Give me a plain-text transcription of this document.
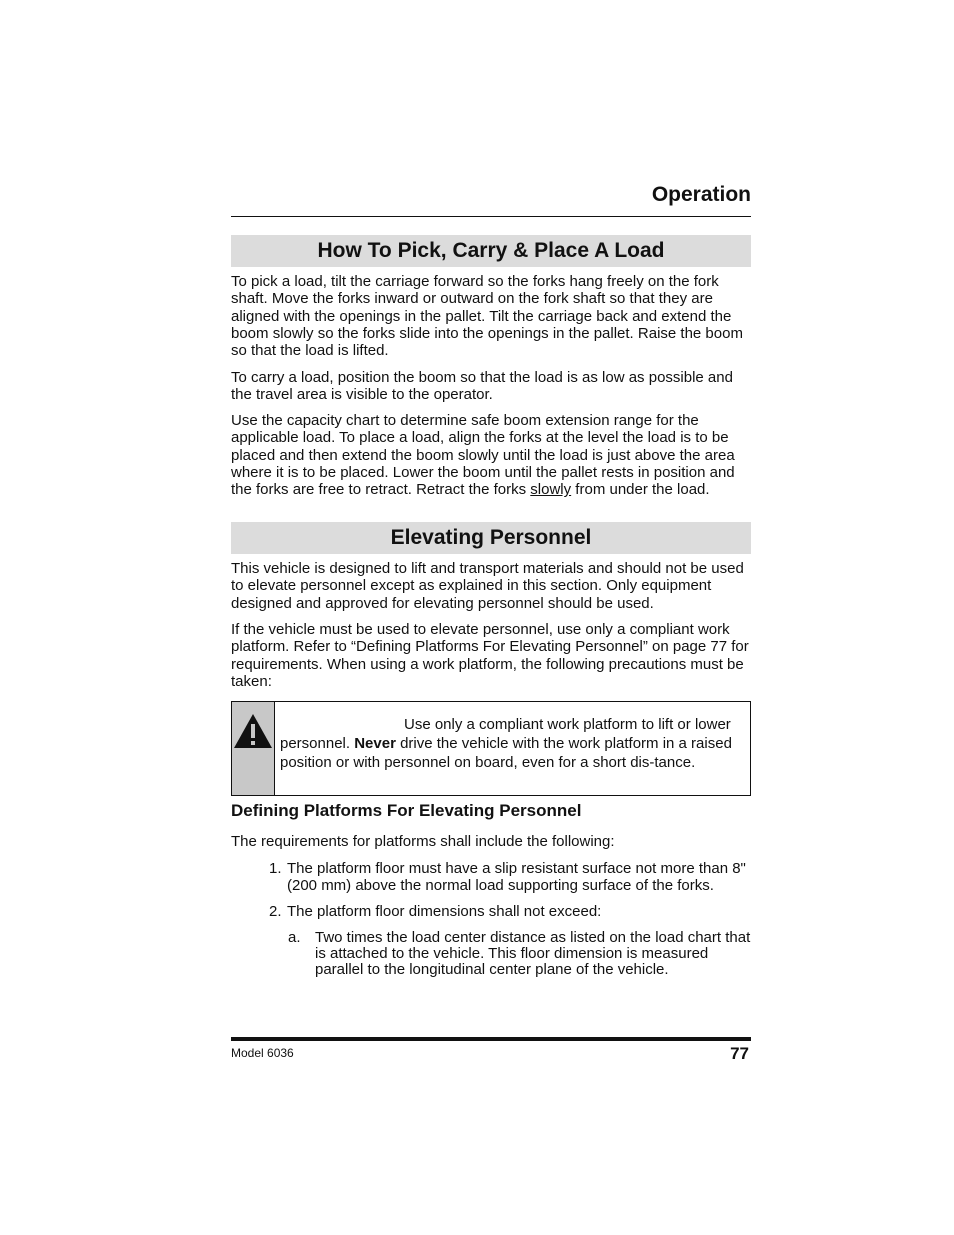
Operation
How To Pick, Carry & Place A Load

To pick a load, tilt the carriage forward so the forks hang freely on the fork shaft. Move the forks inward or outward on the fork shaft so that they are aligned with the openings in the pallet. Tilt the carriage back and extend the boom slowly so the forks slide into the openings in the pallet. Raise the boom so that the load is lifted.

To carry a load, position the boom so that the load is as low as possible and the travel area is visible to the operator.

Use the capacity chart to determine safe boom extension range for the applicable load. To place a load, align the forks at the level the load is to be placed and then extend the boom slowly until the load is just above the area where it is to be placed. Lower the boom until the pallet rests in position and the forks are free to retract. Retract the forks slowly from under the load.

Elevating Personnel

This vehicle is designed to lift and transport materials and should not be used to elevate personnel except as explained in this section. Only equipment designed and approved for elevating personnel should be used.

If the vehicle must be used to elevate personnel, use only a compliant work platform. Refer to “Defining Platforms For Elevating Personnel” on page 77 for requirements. When using a work platform, the following precautions must be taken:

Use only a compliant work platform to lift or lower personnel. Never drive the vehicle with the work platform in a raised position or with personnel on board, even for a short dis-tance.
Defining Platforms For Elevating Personnel

The requirements for platforms shall include the following:

1. The platform floor must have a slip resistant surface not more than 8" (200 mm) above the normal load supporting surface of the forks.
2. The platform floor dimensions shall not exceed:
a. Two times the load center distance as listed on the load chart that is attached to the vehicle. This floor dimension is measured parallel to the longitudinal center plane of the vehicle.
Model 6036	77
